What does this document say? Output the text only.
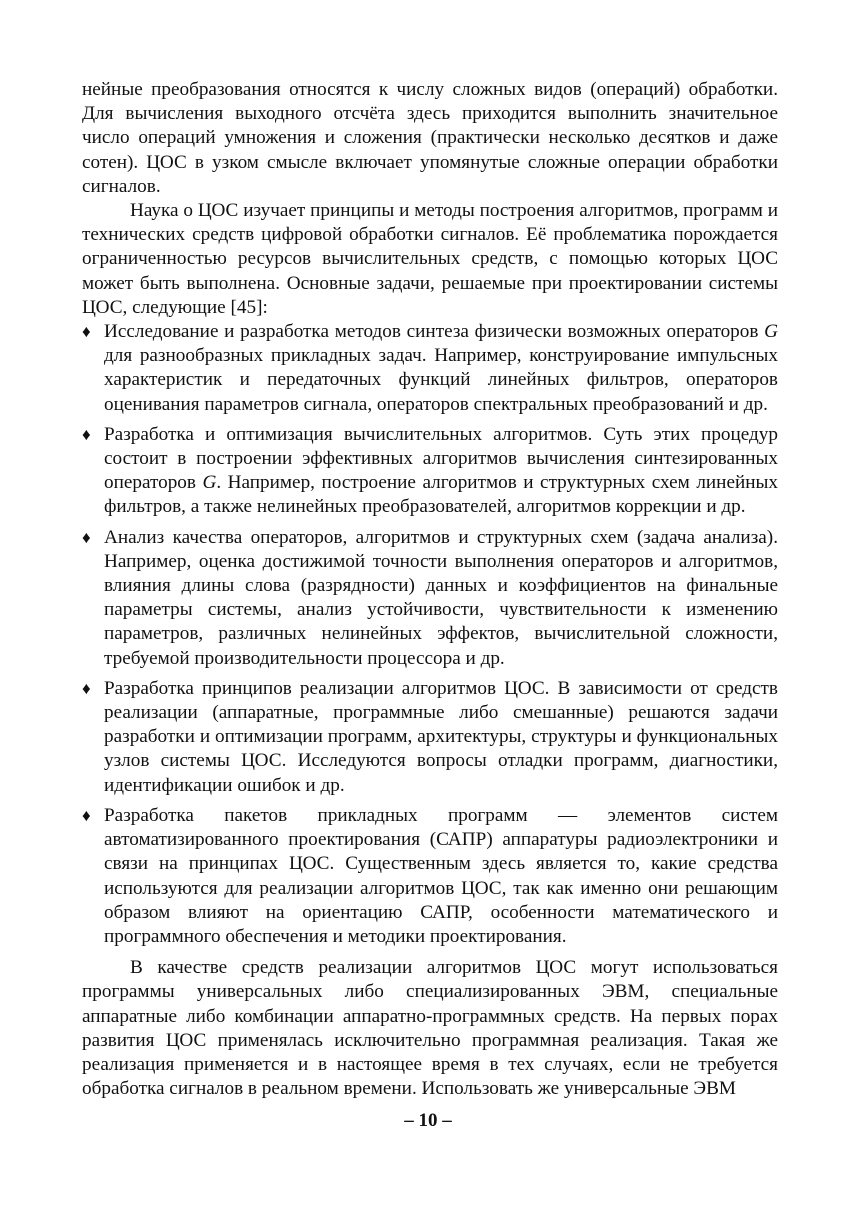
нейные преобразования относятся к числу сложных видов (операций) обработки. Для вычисления выходного отсчёта здесь приходится выполнить значительное число операций умножения и сложения (практически несколько десятков и даже сотен). ЦОС в узком смысле включает упомянутые сложные операции обработки сигналов.

Наука о ЦОС изучает принципы и методы построения алгоритмов, программ и технических средств цифровой обработки сигналов. Её проблематика порождается ограниченностью ресурсов вычислительных средств, с помощью которых ЦОС может быть выполнена. Основные задачи, решаемые при проектировании системы ЦОС, следующие [45]:

♦ Исследование и разработка методов синтеза физически возможных операторов G для разнообразных прикладных задач. Например, конструирование импульсных характеристик и передаточных функций линейных фильтров, операторов оценивания параметров сигнала, операторов спектральных преобразований и др.
♦ Разработка и оптимизация вычислительных алгоритмов. Суть этих процедур состоит в построении эффективных алгоритмов вычисления синтезированных операторов G. Например, построение алгоритмов и структурных схем линейных фильтров, а также нелинейных преобразователей, алгоритмов коррекции и др.
♦ Анализ качества операторов, алгоритмов и структурных схем (задача анализа). Например, оценка достижимой точности выполнения операторов и алгоритмов, влияния длины слова (разрядности) данных и коэффициентов на финальные параметры системы, анализ устойчивости, чувствительности к изменению параметров, различных нелинейных эффектов, вычислительной сложности, требуемой производительности процессора и др.
♦ Разработка принципов реализации алгоритмов ЦОС. В зависимости от средств реализации (аппаратные, программные либо смешанные) решаются задачи разработки и оптимизации программ, архитектуры, структуры и функциональных узлов системы ЦОС. Исследуются вопросы отладки программ, диагностики, идентификации ошибок и др.
♦ Разработка пакетов прикладных программ — элементов систем автоматизированного проектирования (САПР) аппаратуры радиоэлектроники и связи на принципах ЦОС. Существенным здесь является то, какие средства используются для реализации алгоритмов ЦОС, так как именно они решающим образом влияют на ориентацию САПР, особенности математического и программного обеспечения и методики проектирования.

В качестве средств реализации алгоритмов ЦОС могут использоваться программы универсальных либо специализированных ЭВМ, специальные аппаратные либо комбинации аппаратно-программных средств. На первых порах развития ЦОС применялась исключительно программная реализация. Такая же реализация применяется и в настоящее время в тех случаях, если не требуется обработка сигналов в реальном времени. Использовать же универсальные ЭВМ

– 10 –
